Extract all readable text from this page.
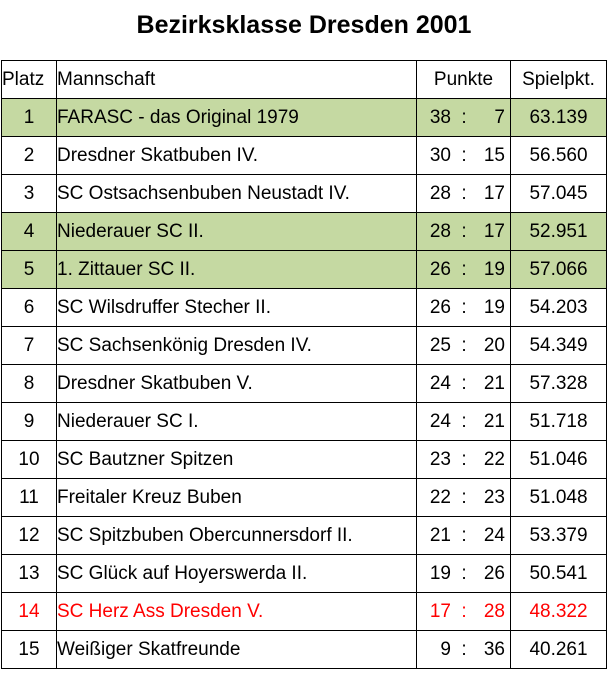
Bezirksklasse Dresden 2001
Platz	Mannschaft	Punkte	Spielpkt.
1	FARASC - das Original 1979	38 : 7	63.139
2	Dresdner Skatbuben IV.	30 : 15	56.560
3	SC Ostsachsenbuben Neustadt IV.	28 : 17	57.045
4	Niederauer SC II.	28 : 17	52.951
5	1. Zittauer SC II.	26 : 19	57.066
6	SC Wilsdruffer Stecher II.	26 : 19	54.203
7	SC Sachsenkönig Dresden IV.	25 : 20	54.349
8	Dresdner Skatbuben V.	24 : 21	57.328
9	Niederauer SC I.	24 : 21	51.718
10	SC Bautzner Spitzen	23 : 22	51.046
11	Freitaler Kreuz Buben	22 : 23	51.048
12	SC Spitzbuben Obercunnersdorf II.	21 : 24	53.379
13	SC Glück auf Hoyerswerda II.	19 : 26	50.541
14	SC Herz Ass Dresden V.	17 : 28	48.322
15	Weißiger Skatfreunde	9 : 36	40.261
